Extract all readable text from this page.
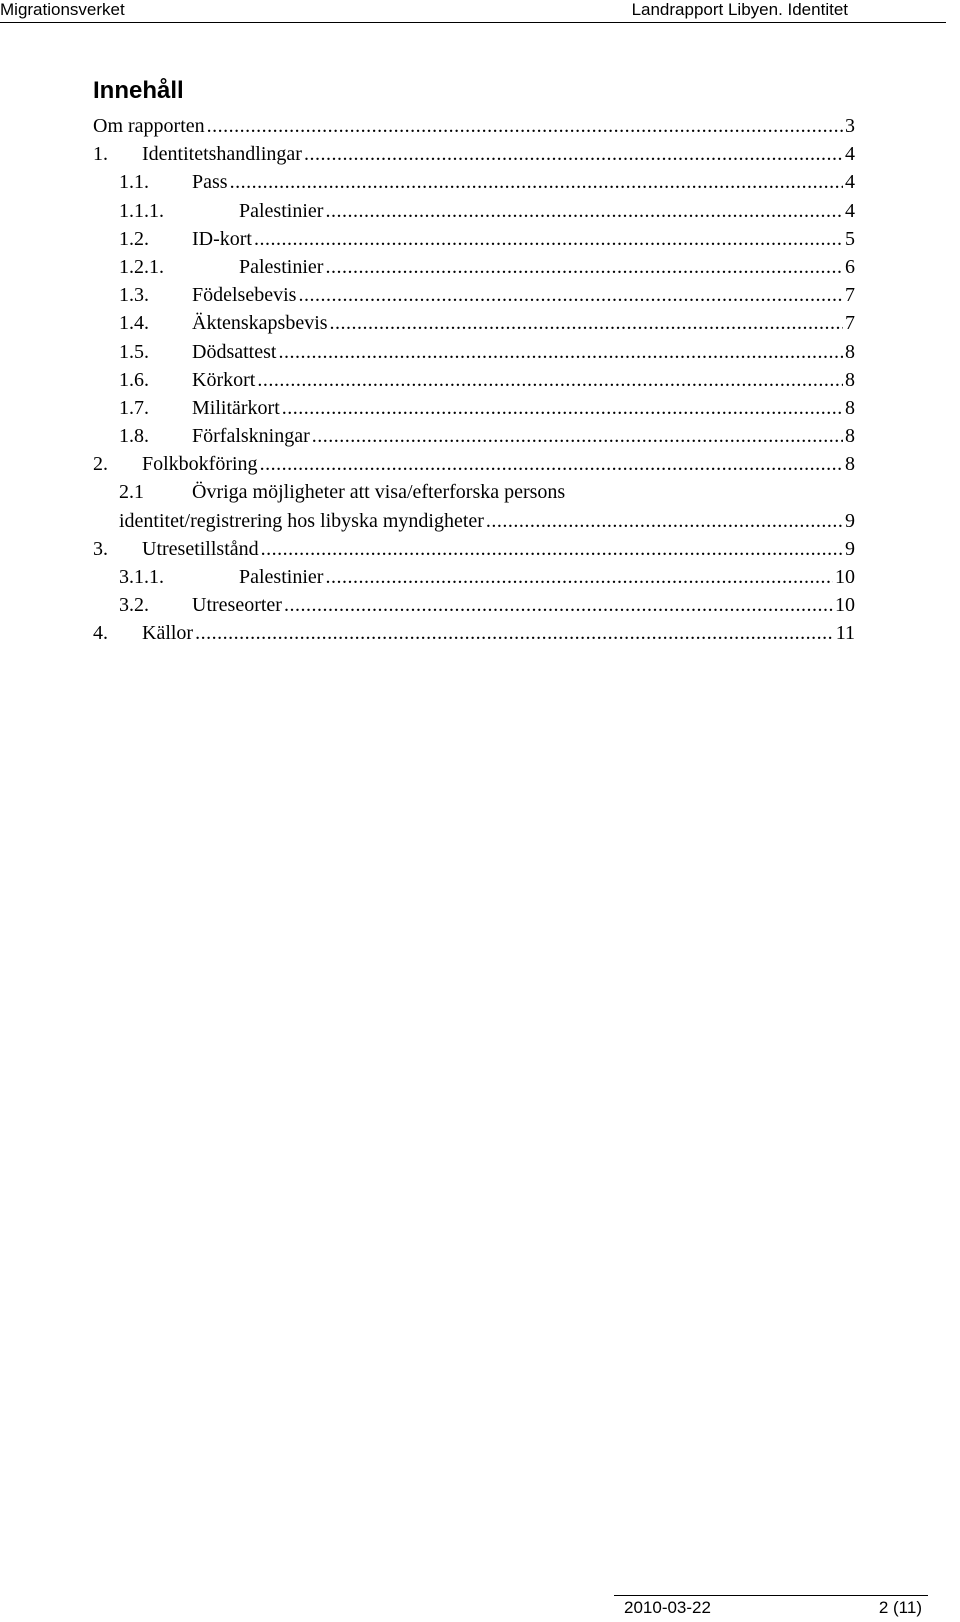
Migrationsverket	Landrapport Libyen. Identitet
Innehåll
Om rapporten .....	3
1.	Identitetshandlingar .....	4
1.1.	Pass .....	4
1.1.1.	Palestinier .....	4
1.2.	ID-kort .....	5
1.2.1.	Palestinier .....	6
1.3.	Födelsebevis .....	7
1.4.	Äktenskapsbevis .....	7
1.5.	Dödsattest .....	8
1.6.	Körkort .....	8
1.7.	Militärkort .....	8
1.8.	Förfalskningar .....	8
2.	Folkbokföring .....	8
2.1	Övriga möjligheter att visa/efterforska persons
identitet/registrering hos libyska myndigheter .....	9
3.	Utresetillstånd .....	9
3.1.1.	Palestinier .....	10
3.2.	Utreseorter .....	10
4.	Källor .....	11
2010-03-22	2 (11)
